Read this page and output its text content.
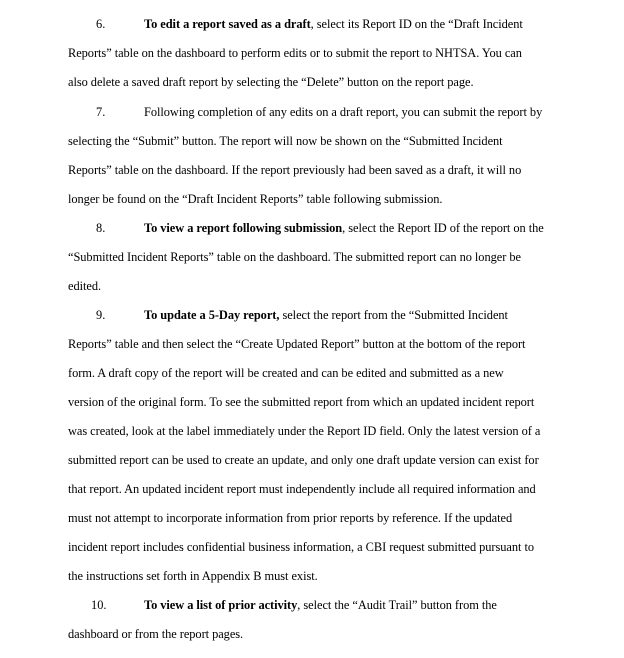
6.	To edit a report saved as a draft, select its Report ID on the “Draft Incident
Reports” table on the dashboard to perform edits or to submit the report to NHTSA. You can
also delete a saved draft report by selecting the “Delete” button on the report page.
7.	Following completion of any edits on a draft report, you can submit the report by
selecting the “Submit” button. The report will now be shown on the “Submitted Incident
Reports” table on the dashboard. If the report previously had been saved as a draft, it will no
longer be found on the “Draft Incident Reports” table following submission.
8.	To view a report following submission, select the Report ID of the report on the
“Submitted Incident Reports” table on the dashboard. The submitted report can no longer be
edited.
9.	To update a 5-Day report, select the report from the “Submitted Incident
Reports” table and then select the “Create Updated Report” button at the bottom of the report
form. A draft copy of the report will be created and can be edited and submitted as a new
version of the original form. To see the submitted report from which an updated incident report
was created, look at the label immediately under the Report ID field. Only the latest version of a
submitted report can be used to create an update, and only one draft update version can exist for
that report. An updated incident report must independently include all required information and
must not attempt to incorporate information from prior reports by reference. If the updated
incident report includes confidential business information, a CBI request submitted pursuant to
the instructions set forth in Appendix B must exist.
10.	To view a list of prior activity, select the “Audit Trail” button from the
dashboard or from the report pages.
